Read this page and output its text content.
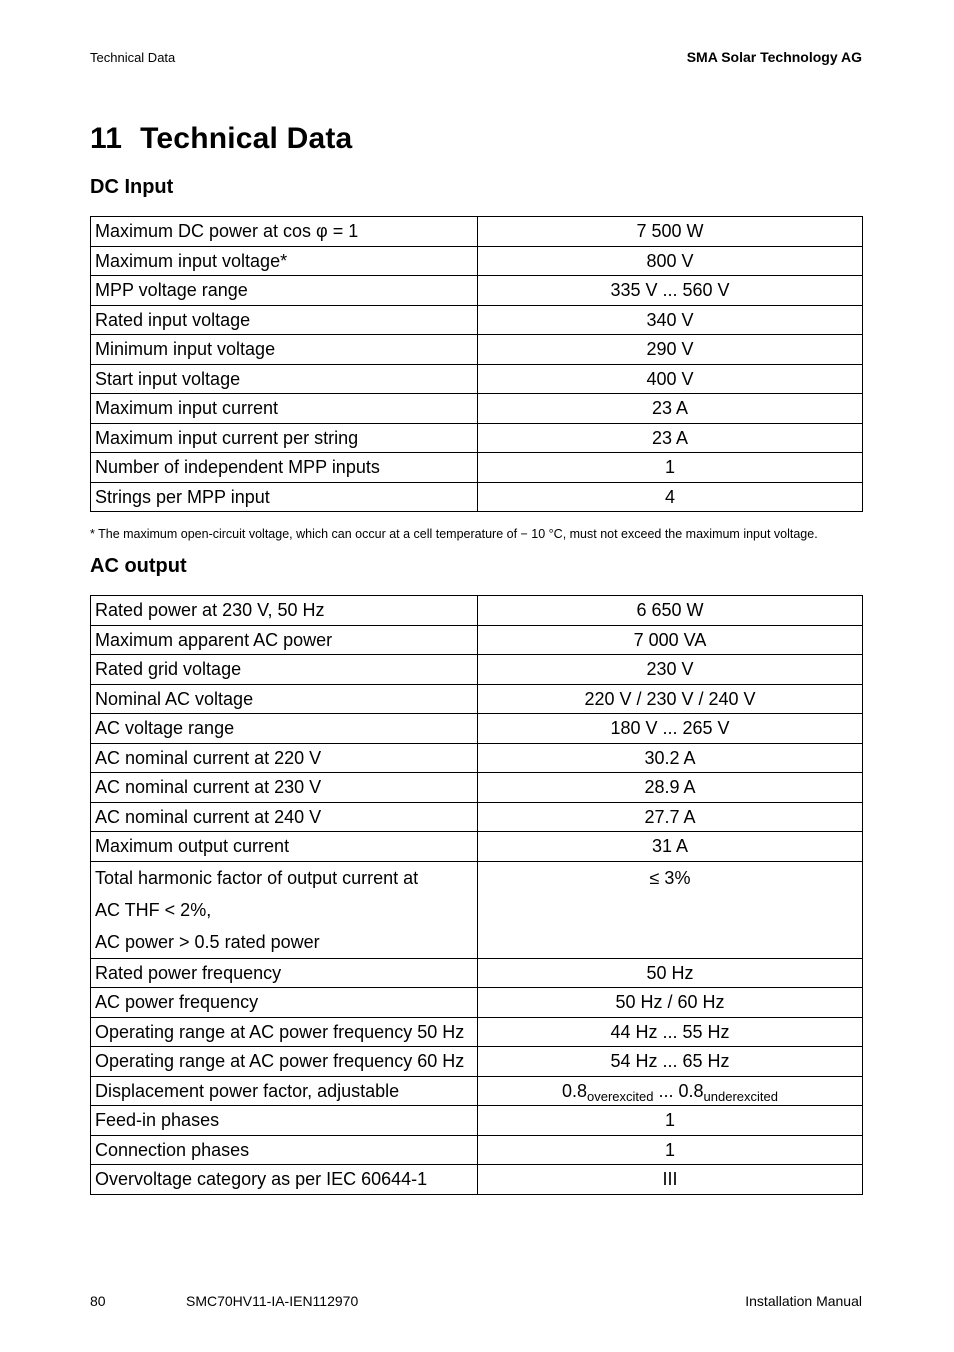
Technical Data	SMA Solar Technology AG
11 Technical Data
DC Input
Maximum DC power at cos φ = 1	7 500 W
Maximum input voltage*	800 V
MPP voltage range	335 V ... 560 V
Rated input voltage	340 V
Minimum input voltage	290 V
Start input voltage	400 V
Maximum input current	23 A
Maximum input current per string	23 A
Number of independent MPP inputs	1
Strings per MPP input	4
* The maximum open-circuit voltage, which can occur at a cell temperature of − 10 °C, must not exceed the maximum input voltage.
AC output
Rated power at 230 V, 50 Hz	6 650 W
Maximum apparent AC power	7 000 VA
Rated grid voltage	230 V
Nominal AC voltage	220 V / 230 V / 240 V
AC voltage range	180 V ... 265 V
AC nominal current at 220 V	30.2 A
AC nominal current at 230 V	28.9 A
AC nominal current at 240 V	27.7 A
Maximum output current	31 A

Total harmonic factor of output current at
AC THF < 2%,
AC power > 0.5 rated power	≤ 3%

Rated power frequency	50 Hz
AC power frequency	50 Hz / 60 Hz
Operating range at AC power frequency 50 Hz	44 Hz ... 55 Hz
Operating range at AC power frequency 60 Hz	54 Hz ... 65 Hz
Displacement power factor, adjustable	$0.8_{overexcited}$ ... $0.8_{underexcited}$
Feed-in phases	1
Connection phases	1
Overvoltage category as per IEC 60644-1	III
80	SMC70HV11-IA-IEN112970	Installation Manual
